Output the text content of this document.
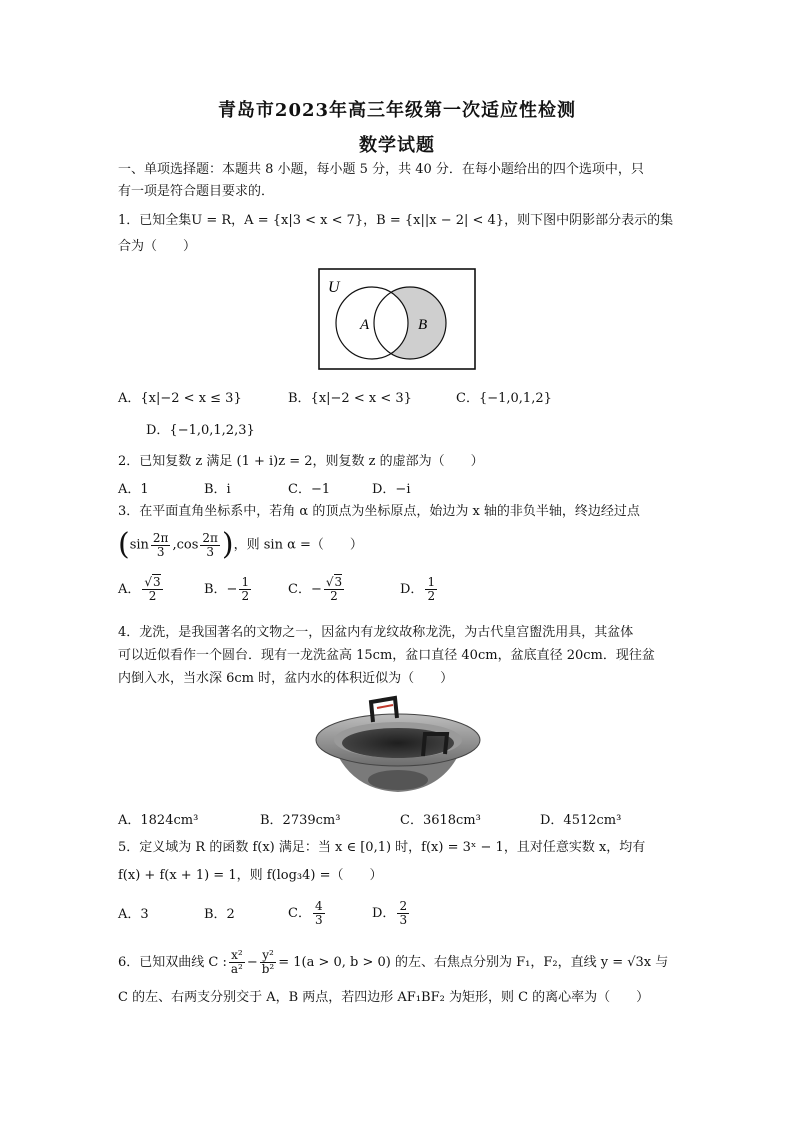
青岛市2023年高三年级第一次适应性检测
数学试题
一、单项选择题：本题共 8 小题，每小题 5 分，共 40 分．在每小题给出的四个选项中，只
有一项是符合题目要求的．
1．已知全集U = R，A = {x|3 < x < 7}，B = {x||x − 2| < 4}，则下图中阴影部分表示的集
合为（　　）
U
A	B
A．{x|−2 < x ≤ 3}	B．{x|−2 < x < 3}	C．{−1,0,1,2}
D．{−1,0,1,2,3}
2．已知复数 z 满足 (1 + i)z = 2，则复数 z 的虚部为（　　）
A．1	B．i	C．−1	D．−i
3．在平面直角坐标系中，若角 α 的顶点为坐标原点，始边为 x 轴的非负半轴，终边经过点
($\sin \frac{2\pi}{3} ,\cos \frac{2\pi}{3}$ )，则 sin α =（　　）
A． $\frac{√3}{2}$	B．− $\frac{1}{2}$	C．− $\frac{√3}{2}$	D． $\frac{1}{2}$
4．龙洗，是我国著名的文物之一，因盆内有龙纹故称龙洗，为古代皇宫盥洗用具，其盆体
可以近似看作一个圆台．现有一龙洗盆高 15cm，盆口直径 40cm，盆底直径 20cm．现往盆
内倒入水，当水深 6cm 时，盆内水的体积近似为（　　）
A．1824cm³	B．2739cm³	C．3618cm³	D．4512cm³
5．定义域为 R 的函数 f(x) 满足：当 x ∈ [0,1) 时，f(x) = 3ˣ − 1，且对任意实数 x，均有
f(x) + f(x + 1) = 1，则 f(log₃4) =（　　）
A．3	B．2	C． $\frac{4}{3}$	D． $\frac{2}{3}$
6．已知双曲线 C : $\frac{\text{x²}}{\text{a²}} - \frac{\text{y²}}{\text{b²}} = 1(a > 0$, b > 0) 的左、右焦点分别为 F₁，F₂，直线 y = √3x 与
C 的左、右两支分别交于 A，B 两点，若四边形 AF₁BF₂ 为矩形，则 C 的离心率为（　　）
